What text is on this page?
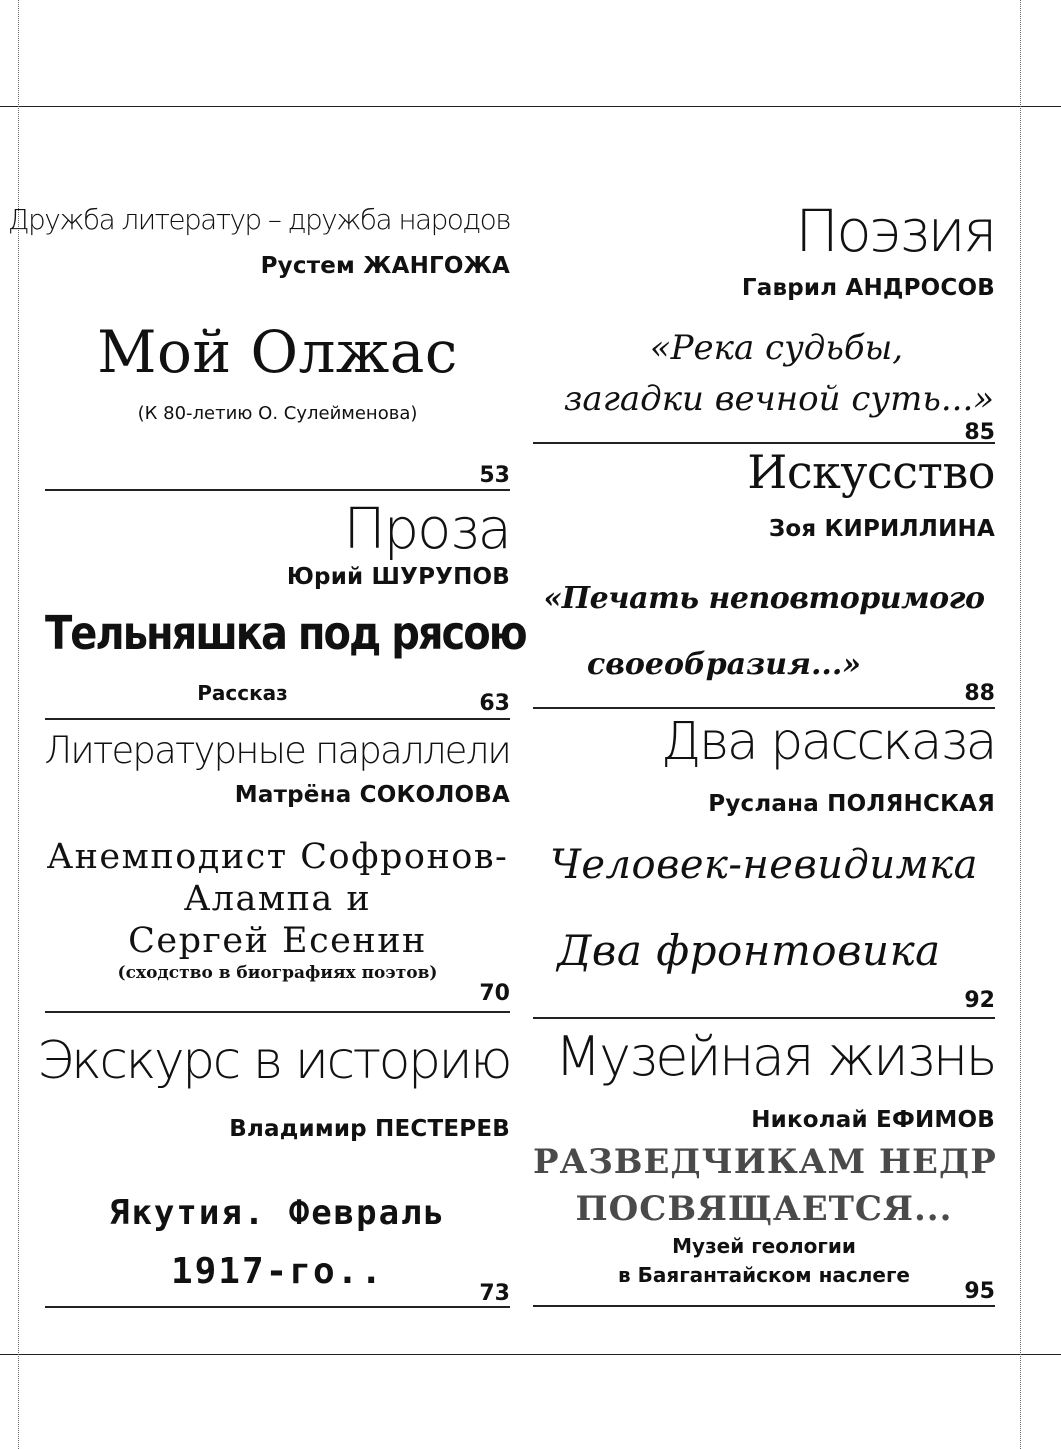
Дружба литератур – дружба народов
Рустем ЖАНГОЖА
Мой Олжас
(К 80-летию О. Сулейменова)
53
Проза
Юрий ШУРУПОВ
Тельняшка под рясою
Рассказ	63
Литературные параллели
Матрёна СОКОЛОВА
Анемподист Софронов-
Алампа и
Сергей Есенин
(сходство в биографиях поэтов)
70
Экскурс в историю
Владимир ПЕСТЕРЕВ
Якутия. Февраль
1917-го..
73
Поэзия
Гаврил АНДРОСОВ
«Река судьбы,
загадки вечной суть...»
85
Искусство
Зоя КИРИЛЛИНА
«Печать неповторимого
своеобразия...»
88
Два рассказа
Руслана ПОЛЯНСКАЯ
Человек-невидимка
Два фронтовика
92
Музейная жизнь
Николай ЕФИМОВ
РАЗВЕДЧИКАМ НЕДР
ПОСВЯЩАЕТСЯ...
Музей геологии
в Баягантайском наслеге
95
